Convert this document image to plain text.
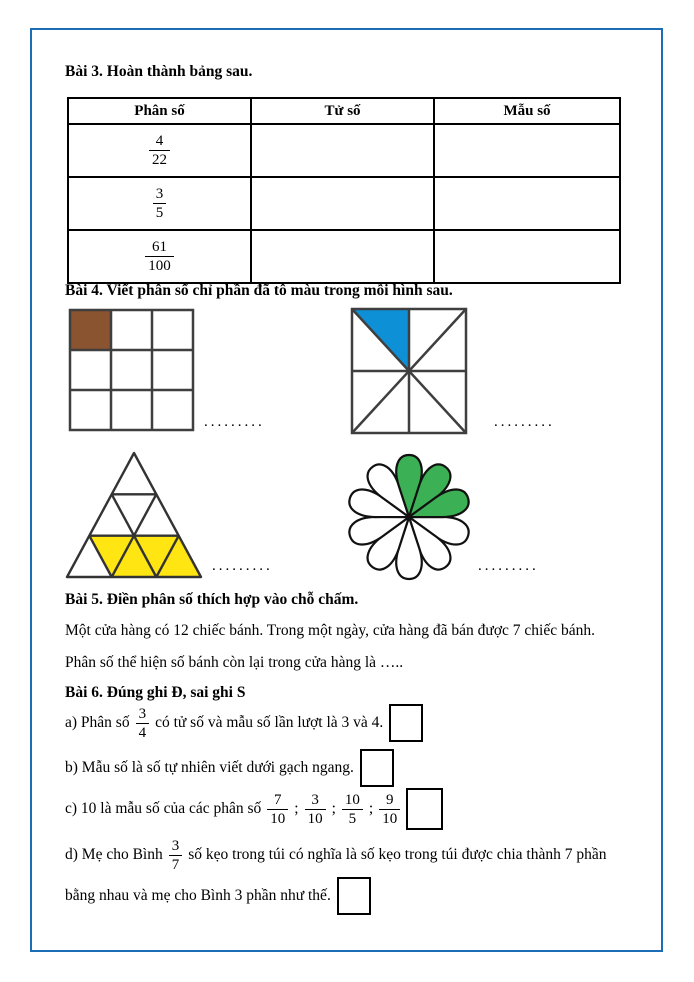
Bài 3. Hoàn thành bảng sau.
Phân số	Tử số	Mẫu số

$\frac{4}{22}$

$\frac{3}{5}$

$\frac{61}{100}$

Bài 4. Viết phân số chỉ phần đã tô màu trong mỗi hình sau.
.........	.........
.........	.........
Bài 5. Điền phân số thích hợp vào chỗ chấm.
Một cửa hàng có 12 chiếc bánh. Trong một ngày, cửa hàng đã bán được 7 chiếc bánh.
Phân số thể hiện số bánh còn lại trong cửa hàng là …..
Bài 6. Đúng ghi Đ, sai ghi S
a) Phân số $\frac{3}{4}$ có tử số và mẫu số lần lượt là 3 và 4.
b) Mẫu số là số tự nhiên viết dưới gạch ngang.
c) 10 là mẫu số của các phân số $\frac{7}{10}$ ; $\frac{3}{10}$ ; $\frac{10}{5}$ ; $\frac{9}{10}$
d) Mẹ cho Bình $\frac{3}{7}$ số kẹo trong túi có nghĩa là số kẹo trong túi được chia thành 7 phần
bằng nhau và mẹ cho Bình 3 phần như thế.
